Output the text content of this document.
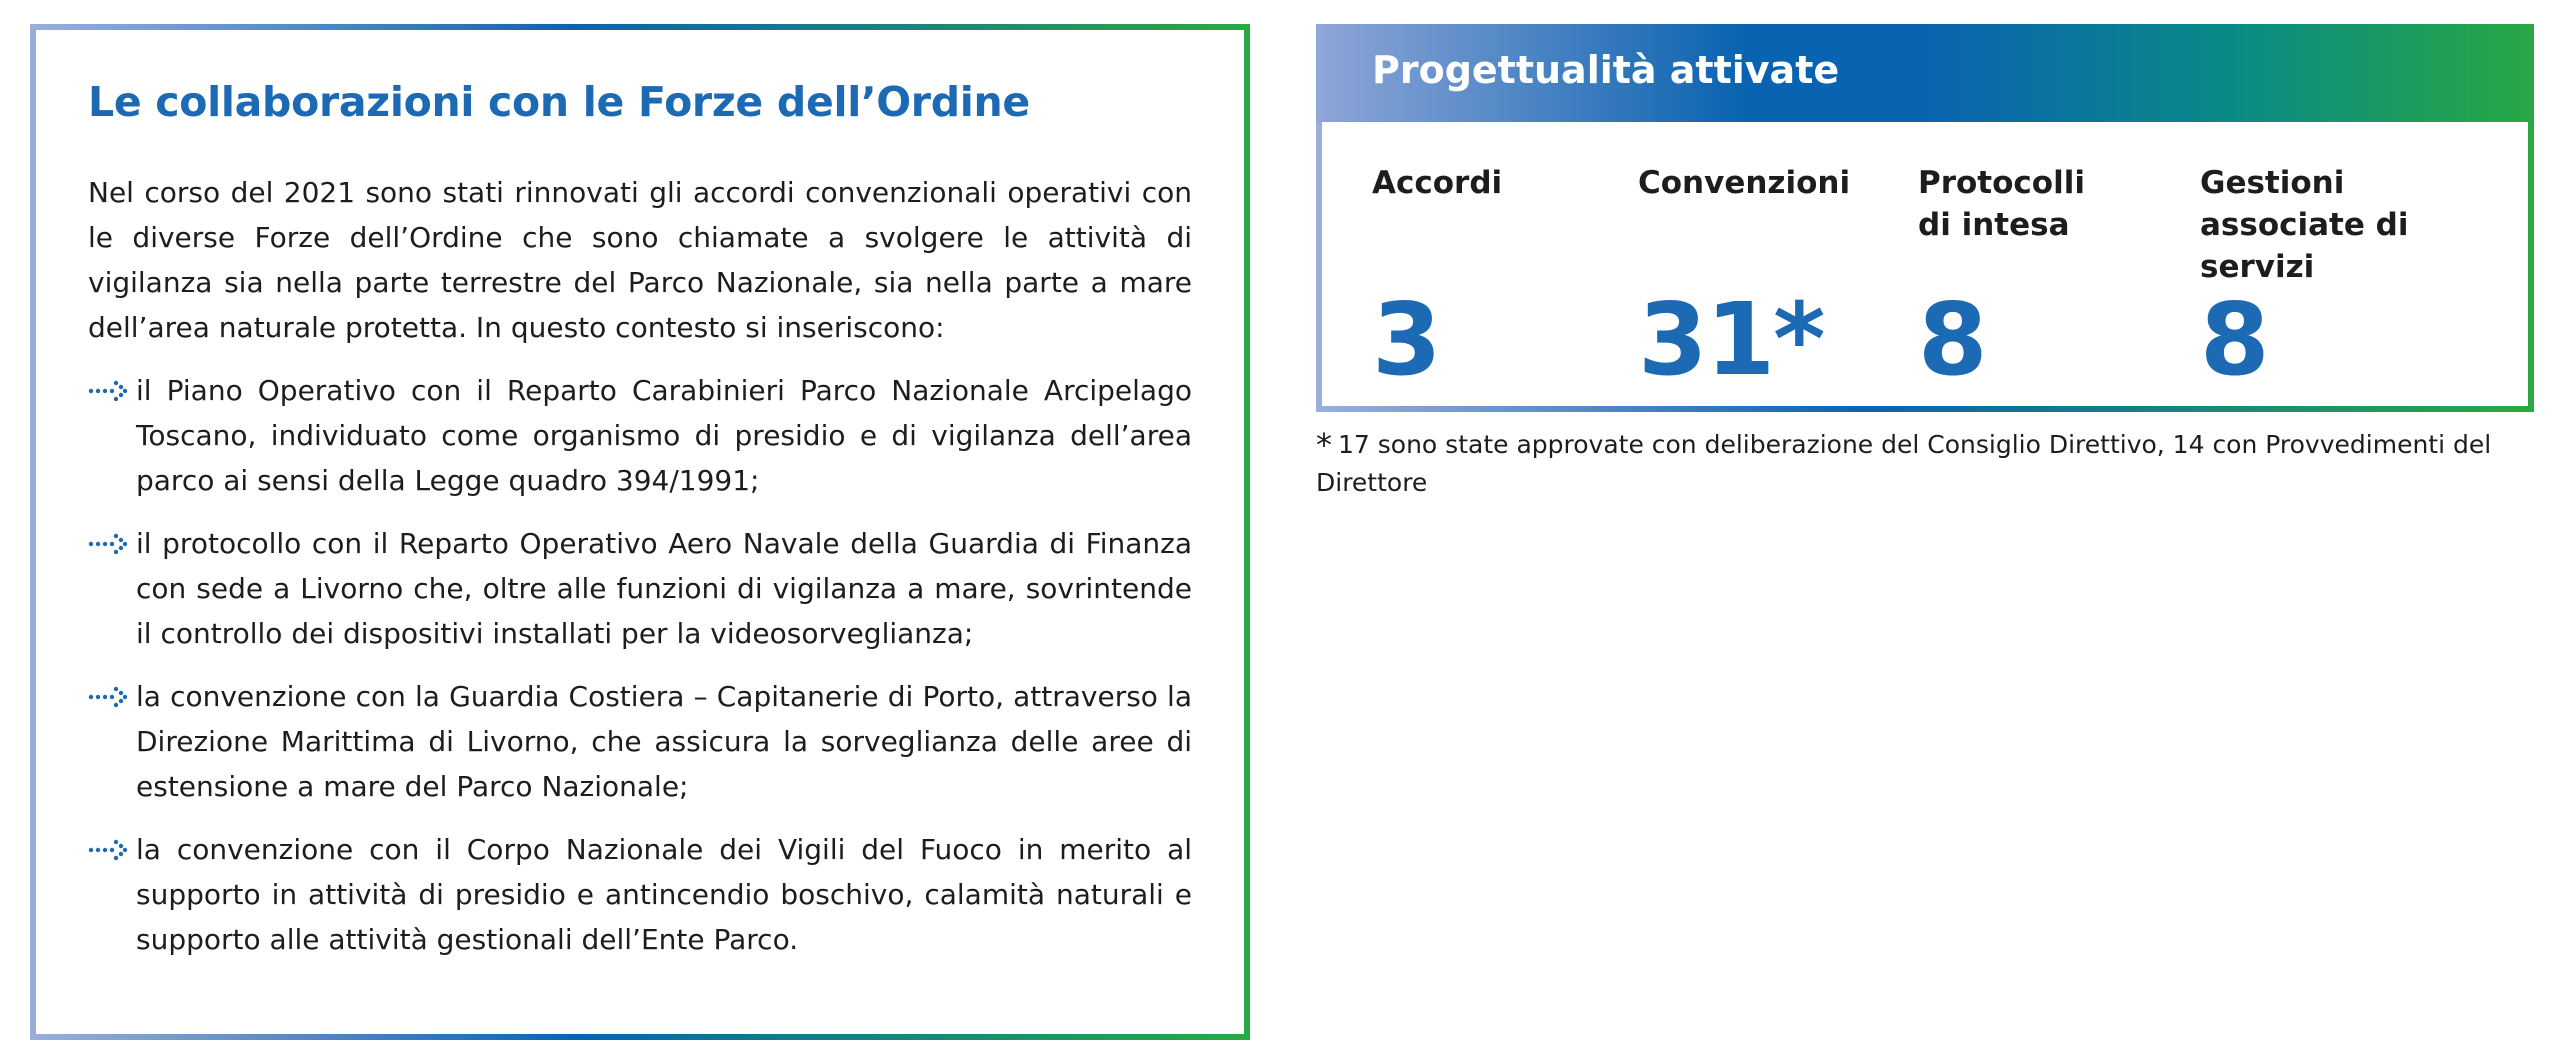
Le collaborazioni con le Forze dell’Ordine

Nel corso del 2021 sono stati rinnovati gli accordi convenzionali operativi con le diverse Forze dell’Ordine che sono chiamate a svolgere le attività di vigilanza sia nella parte terrestre del Parco Nazionale, sia nella parte a mare dell’area naturale protetta. In questo contesto si inseriscono:

il Piano Operativo con il Reparto Carabinieri Parco Nazionale Arcipelago Toscano, individuato come organismo di presidio e di vigilanza dell’area parco ai sensi della Legge quadro 394/1991;
il protocollo con il Reparto Operativo Aero Navale della Guardia di Finanza con sede a Livorno che, oltre alle funzioni di vigilanza a mare, sovrintende il controllo dei dispositivi installati per la videosorveglianza;
la convenzione con la Guardia Costiera – Capitanerie di Porto, attraverso la Direzione Marittima di Livorno, che assicura la sorveglianza delle aree di estensione a mare del Parco Nazionale;
la convenzione con il Corpo Nazionale dei Vigili del Fuoco in merito al supporto in attività di presidio e antincendio boschivo, calamità naturali e supporto alle attività gestionali dell’Ente Parco.
Progettualità attivate
Accordi
3
Convenzioni
31*
Protocolli
di intesa
8
Gestioni
associate di servizi
8

* 17 sono state approvate con deliberazione del Consiglio Direttivo, 14 con Provvedimenti del Direttore
